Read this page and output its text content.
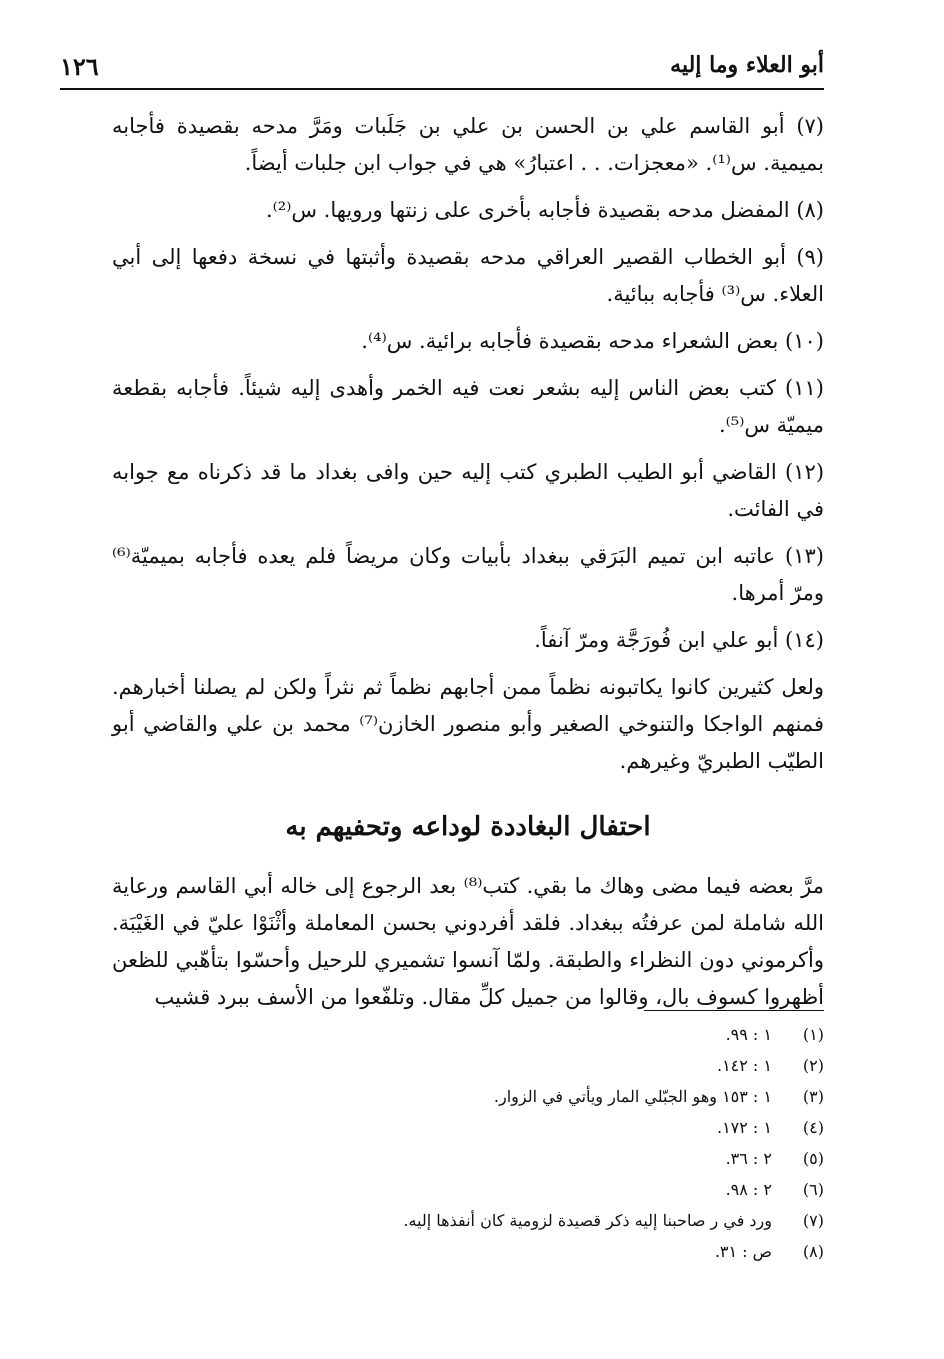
أبو العلاء وما إليه
١٢٦

(٧) أبو القاسم علي بن الحسن بن علي بن جَلَبات ومَرَّ مدحه بقصيدة فأجابه بميمية. س⁽¹⁾. «معجزات. . . اعتبارُ» هي في جواب ابن جلبات أيضاً.

(٨) المفضل مدحه بقصيدة فأجابه بأخرى على زنتها ورويها. س⁽²⁾.

(٩) أبو الخطاب القصير العراقي مدحه بقصيدة وأثبتها في نسخة دفعها إلى أبي العلاء. س⁽³⁾ فأجابه ببائية.

(١٠) بعض الشعراء مدحه بقصيدة فأجابه برائية. س⁽⁴⁾.

(١١) كتب بعض الناس إليه بشعر نعت فيه الخمر وأهدى إليه شيئاً. فأجابه بقطعة ميميّة س⁽⁵⁾.

(١٢) القاضي أبو الطيب الطبري كتب إليه حين وافى بغداد ما قد ذكرناه مع جوابه في الفائت.

(١٣) عاتبه ابن تميم البَرَقي ببغداد بأبيات وكان مريضاً فلم يعده فأجابه بميميّة⁽⁶⁾ ومرّ أمرها.

(١٤) أبو علي ابن فُورَجَّة ومرّ آنفاً.

ولعل كثيرين كانوا يكاتبونه نظماً ممن أجابهم نظماً ثم نثراً ولكن لم يصلنا أخبارهم. فمنهم الواجكا والتنوخي الصغير وأبو منصور الخازن⁽⁷⁾ محمد بن علي والقاضي أبو الطيّب الطبريّ وغيرهم.

احتفال البغاددة لوداعه وتحفيهم به

مرَّ بعضه فيما مضى وهاك ما بقي. كتب⁽⁸⁾ بعد الرجوع إلى خاله أبي القاسم ورعاية الله شاملة لمن عرفتُه ببغداد. فلقد أفردوني بحسن المعاملة وأثْنَوْا عليّ في الغَيْبَة. وأكرموني دون النظراء والطبقة. ولمّا آنسوا تشميري للرحيل وأحسّوا بتأهّبي للظعن أظهروا كسوف بال، وقالوا من جميل كلِّ مقال. وتلفّعوا من الأسف ببرد قشيب

(١)
١ : ٩٩.
(٢)
١ : ١٤٢.
(٣)
١ : ١٥٣ وهو الجبّلي المار ويأتي في الزوار.
(٤)
١ : ١٧٢.
(٥)
٢ : ٣٦.
(٦)
٢ : ٩٨.
(٧)
ورد في ر صاحبنا إليه ذكر قصيدة لزومية كان أنفذها إليه.
(٨)
ص : ٣١.
